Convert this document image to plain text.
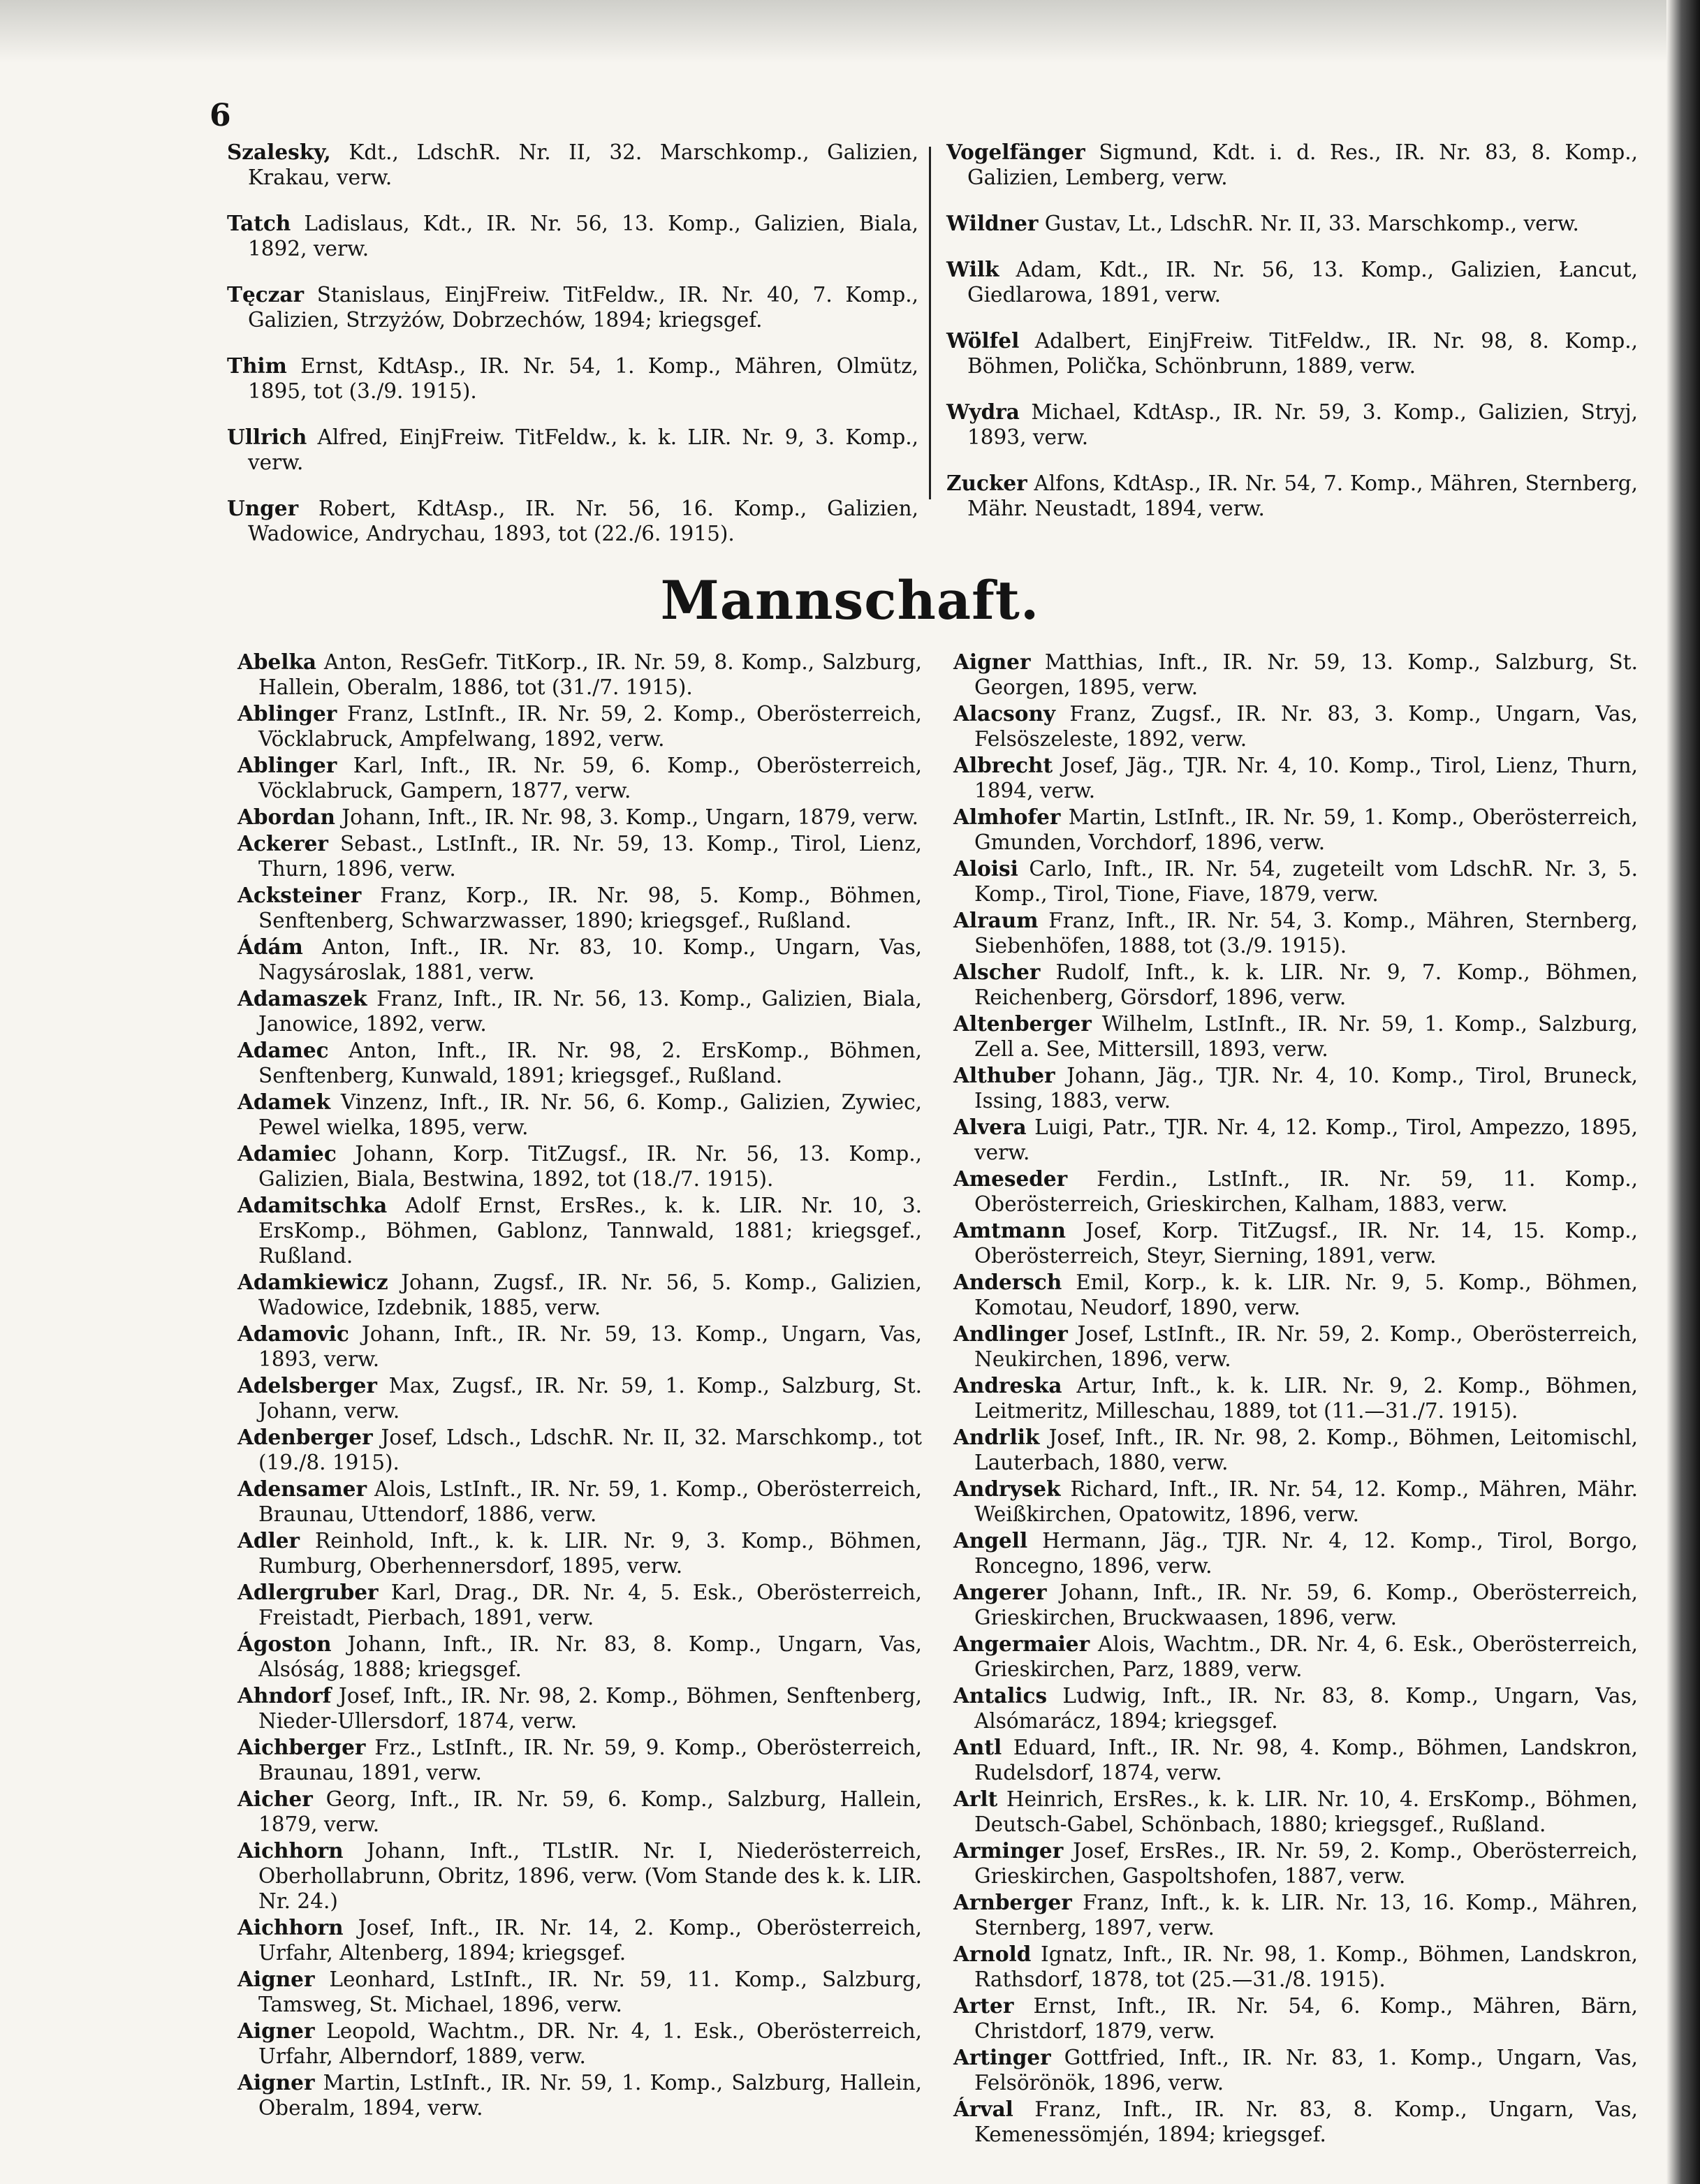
6

Szalesky, Kdt., LdschR. Nr. II, 32. Marschkomp., Galizien, Krakau, verw.

Tatch Ladislaus, Kdt., IR. Nr. 56, 13. Komp., Galizien, Biala, 1892, verw.

Tęczar Stanislaus, EinjFreiw. TitFeldw., IR. Nr. 40, 7. Komp., Galizien, Strzyżów, Dobrzechów, 1894; kriegsgef.

Thim Ernst, KdtAsp., IR. Nr. 54, 1. Komp., Mähren, Olmütz, 1895, tot (3./9. 1915).

Ullrich Alfred, EinjFreiw. TitFeldw., k. k. LIR. Nr. 9, 3. Komp., verw.

Unger Robert, KdtAsp., IR. Nr. 56, 16. Komp., Galizien, Wadowice, Andrychau, 1893, tot (22./6. 1915).

Vogelfänger Sigmund, Kdt. i. d. Res., IR. Nr. 83, 8. Komp., Galizien, Lemberg, verw.

Wildner Gustav, Lt., LdschR. Nr. II, 33. Marschkomp., verw.

Wilk Adam, Kdt., IR. Nr. 56, 13. Komp., Galizien, Łancut, Giedlarowa, 1891, verw.

Wölfel Adalbert, EinjFreiw. TitFeldw., IR. Nr. 98, 8. Komp., Böhmen, Polička, Schönbrunn, 1889, verw.

Wydra Michael, KdtAsp., IR. Nr. 59, 3. Komp., Galizien, Stryj, 1893, verw.

Zucker Alfons, KdtAsp., IR. Nr. 54, 7. Komp., Mähren, Sternberg, Mähr. Neustadt, 1894, verw.

Mannschaft.

Abelka Anton, ResGefr. TitKorp., IR. Nr. 59, 8. Komp., Salzburg, Hallein, Oberalm, 1886, tot (31./7. 1915).

Ablinger Franz, LstInft., IR. Nr. 59, 2. Komp., Oberösterreich, Vöcklabruck, Ampfelwang, 1892, verw.

Ablinger Karl, Inft., IR. Nr. 59, 6. Komp., Oberösterreich, Vöcklabruck, Gampern, 1877, verw.

Abordan Johann, Inft., IR. Nr. 98, 3. Komp., Ungarn, 1879, verw.

Ackerer Sebast., LstInft., IR. Nr. 59, 13. Komp., Tirol, Lienz, Thurn, 1896, verw.

Acksteiner Franz, Korp., IR. Nr. 98, 5. Komp., Böhmen, Senftenberg, Schwarzwasser, 1890; kriegsgef., Rußland.

Ádám Anton, Inft., IR. Nr. 83, 10. Komp., Ungarn, Vas, Nagysároslak, 1881, verw.

Adamaszek Franz, Inft., IR. Nr. 56, 13. Komp., Galizien, Biala, Janowice, 1892, verw.

Adamec Anton, Inft., IR. Nr. 98, 2. ErsKomp., Böhmen, Senftenberg, Kunwald, 1891; kriegsgef., Rußland.

Adamek Vinzenz, Inft., IR. Nr. 56, 6. Komp., Galizien, Zywiec, Pewel wielka, 1895, verw.

Adamiec Johann, Korp. TitZugsf., IR. Nr. 56, 13. Komp., Galizien, Biala, Bestwina, 1892, tot (18./7. 1915).

Adamitschka Adolf Ernst, ErsRes., k. k. LIR. Nr. 10, 3. ErsKomp., Böhmen, Gablonz, Tannwald, 1881; kriegsgef., Rußland.

Adamkiewicz Johann, Zugsf., IR. Nr. 56, 5. Komp., Galizien, Wadowice, Izdebnik, 1885, verw.

Adamovic Johann, Inft., IR. Nr. 59, 13. Komp., Ungarn, Vas, 1893, verw.

Adelsberger Max, Zugsf., IR. Nr. 59, 1. Komp., Salzburg, St. Johann, verw.

Adenberger Josef, Ldsch., LdschR. Nr. II, 32. Marschkomp., tot (19./8. 1915).

Adensamer Alois, LstInft., IR. Nr. 59, 1. Komp., Oberösterreich, Braunau, Uttendorf, 1886, verw.

Adler Reinhold, Inft., k. k. LIR. Nr. 9, 3. Komp., Böhmen, Rumburg, Oberhennersdorf, 1895, verw.

Adlergruber Karl, Drag., DR. Nr. 4, 5. Esk., Oberösterreich, Freistadt, Pierbach, 1891, verw.

Ágoston Johann, Inft., IR. Nr. 83, 8. Komp., Ungarn, Vas, Alsóság, 1888; kriegsgef.

Ahndorf Josef, Inft., IR. Nr. 98, 2. Komp., Böhmen, Senftenberg, Nieder-Ullersdorf, 1874, verw.

Aichberger Frz., LstInft., IR. Nr. 59, 9. Komp., Oberösterreich, Braunau, 1891, verw.

Aicher Georg, Inft., IR. Nr. 59, 6. Komp., Salzburg, Hallein, 1879, verw.

Aichhorn Johann, Inft., TLstIR. Nr. I, Niederösterreich, Oberhollabrunn, Obritz, 1896, verw. (Vom Stande des k. k. LIR. Nr. 24.)

Aichhorn Josef, Inft., IR. Nr. 14, 2. Komp., Oberösterreich, Urfahr, Altenberg, 1894; kriegsgef.

Aigner Leonhard, LstInft., IR. Nr. 59, 11. Komp., Salzburg, Tamsweg, St. Michael, 1896, verw.

Aigner Leopold, Wachtm., DR. Nr. 4, 1. Esk., Oberösterreich, Urfahr, Alberndorf, 1889, verw.

Aigner Martin, LstInft., IR. Nr. 59, 1. Komp., Salzburg, Hallein, Oberalm, 1894, verw.

Aigner Matthias, Inft., IR. Nr. 59, 13. Komp., Salzburg, St. Georgen, 1895, verw.

Alacsony Franz, Zugsf., IR. Nr. 83, 3. Komp., Ungarn, Vas, Felsöszeleste, 1892, verw.

Albrecht Josef, Jäg., TJR. Nr. 4, 10. Komp., Tirol, Lienz, Thurn, 1894, verw.

Almhofer Martin, LstInft., IR. Nr. 59, 1. Komp., Oberösterreich, Gmunden, Vorchdorf, 1896, verw.

Aloisi Carlo, Inft., IR. Nr. 54, zugeteilt vom LdschR. Nr. 3, 5. Komp., Tirol, Tione, Fiave, 1879, verw.

Alraum Franz, Inft., IR. Nr. 54, 3. Komp., Mähren, Sternberg, Siebenhöfen, 1888, tot (3./9. 1915).

Alscher Rudolf, Inft., k. k. LIR. Nr. 9, 7. Komp., Böhmen, Reichenberg, Görsdorf, 1896, verw.

Altenberger Wilhelm, LstInft., IR. Nr. 59, 1. Komp., Salzburg, Zell a. See, Mittersill, 1893, verw.

Althuber Johann, Jäg., TJR. Nr. 4, 10. Komp., Tirol, Bruneck, Issing, 1883, verw.

Alvera Luigi, Patr., TJR. Nr. 4, 12. Komp., Tirol, Ampezzo, 1895, verw.

Ameseder Ferdin., LstInft., IR. Nr. 59, 11. Komp., Oberösterreich, Grieskirchen, Kalham, 1883, verw.

Amtmann Josef, Korp. TitZugsf., IR. Nr. 14, 15. Komp., Oberösterreich, Steyr, Sierning, 1891, verw.

Andersch Emil, Korp., k. k. LIR. Nr. 9, 5. Komp., Böhmen, Komotau, Neudorf, 1890, verw.

Andlinger Josef, LstInft., IR. Nr. 59, 2. Komp., Oberösterreich, Neukirchen, 1896, verw.

Andreska Artur, Inft., k. k. LIR. Nr. 9, 2. Komp., Böhmen, Leitmeritz, Milleschau, 1889, tot (11.—31./7. 1915).

Andrlik Josef, Inft., IR. Nr. 98, 2. Komp., Böhmen, Leitomischl, Lauterbach, 1880, verw.

Andrysek Richard, Inft., IR. Nr. 54, 12. Komp., Mähren, Mähr. Weißkirchen, Opatowitz, 1896, verw.

Angell Hermann, Jäg., TJR. Nr. 4, 12. Komp., Tirol, Borgo, Roncegno, 1896, verw.

Angerer Johann, Inft., IR. Nr. 59, 6. Komp., Oberösterreich, Grieskirchen, Bruckwaasen, 1896, verw.

Angermaier Alois, Wachtm., DR. Nr. 4, 6. Esk., Oberösterreich, Grieskirchen, Parz, 1889, verw.

Antalics Ludwig, Inft., IR. Nr. 83, 8. Komp., Ungarn, Vas, Alsómarácz, 1894; kriegsgef.

Antl Eduard, Inft., IR. Nr. 98, 4. Komp., Böhmen, Landskron, Rudelsdorf, 1874, verw.

Arlt Heinrich, ErsRes., k. k. LIR. Nr. 10, 4. ErsKomp., Böhmen, Deutsch-Gabel, Schönbach, 1880; kriegsgef., Rußland.

Arminger Josef, ErsRes., IR. Nr. 59, 2. Komp., Oberösterreich, Grieskirchen, Gaspoltshofen, 1887, verw.

Arnberger Franz, Inft., k. k. LIR. Nr. 13, 16. Komp., Mähren, Sternberg, 1897, verw.

Arnold Ignatz, Inft., IR. Nr. 98, 1. Komp., Böhmen, Landskron, Rathsdorf, 1878, tot (25.—31./8. 1915).

Arter Ernst, Inft., IR. Nr. 54, 6. Komp., Mähren, Bärn, Christdorf, 1879, verw.

Artinger Gottfried, Inft., IR. Nr. 83, 1. Komp., Ungarn, Vas, Felsörönök, 1896, verw.

Árval Franz, Inft., IR. Nr. 83, 8. Komp., Ungarn, Vas, Kemenessömjén, 1894; kriegsgef.
